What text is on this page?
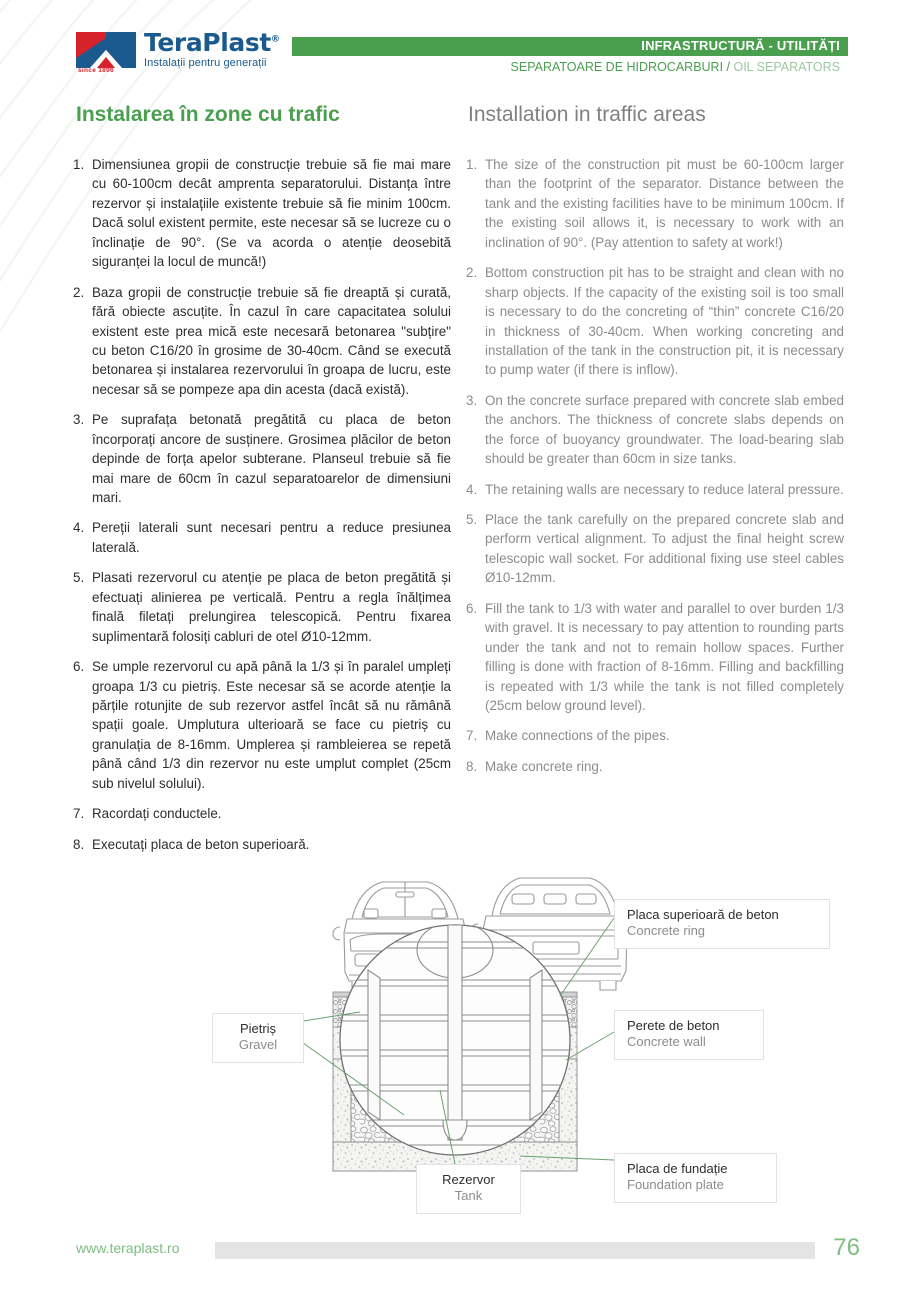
since 1896
TeraPlast®
Instalații pentru generații
INFRASTRUCTURĂ - UTILITĂȚI
SEPARATOARE DE HIDROCARBURI / OIL SEPARATORS
Instalarea în zone cu trafic	Installation in traffic areas
Dimensiunea gropii de construcție trebuie să fie mai mare cu 60-100cm decât amprenta separatorului. Distanța între rezervor și instalațiile existente trebuie să fie minim 100cm. Dacă solul existent permite, este necesar să se lucreze cu o înclinație de 90°. (Se va acorda o atenție deosebită siguranței la locul de muncă!)
Baza gropii de construcție trebuie să fie dreaptă și curată, fără obiecte ascuțite. În cazul în care capacitatea solului existent este prea mică este necesară betonarea "subțire" cu beton C16/20 în grosime de 30-40cm. Când se execută betonarea și instalarea rezervorului în groapa de lucru, este necesar să se pompeze apa din acesta (dacă există).
Pe suprafața betonată pregătită cu placa de beton încorporați ancore de susținere. Grosimea plăcilor de beton depinde de forța apelor subterane. Planseul trebuie să fie mai mare de 60cm în cazul separatoarelor de dimensiuni mari.
Pereții laterali sunt necesari pentru a reduce presiunea laterală.
Plasati rezervorul cu atenție pe placa de beton pregătită și efectuați alinierea pe verticală. Pentru a regla înălțimea finală filetați prelungirea telescopică. Pentru fixarea suplimentară folosiți cabluri de otel Ø10-12mm.
Se umple rezervorul cu apă până la 1/3 și în paralel umpleți groapa 1/3 cu pietriș. Este necesar să se acorde atenție la părțile rotunjite de sub rezervor astfel încât să nu rămână spații goale. Umplutura ulterioară se face cu pietriș cu granulația de 8-16mm. Umplerea și rambleierea se repetă până când 1/3 din rezervor nu este umplut complet (25cm sub nivelul solului).
Racordați conductele.
Executați placa de beton superioară.
The size of the construction pit must be 60-100cm larger than the footprint of the separator. Distance between the tank and the existing facilities have to be minimum 100cm. If the existing soil allows it, is necessary to work with an inclination of 90°. (Pay attention to safety at work!)
Bottom construction pit has to be straight and clean with no sharp objects. If the capacity of the existing soil is too small is necessary to do the concreting of “thin” concrete C16/20 in thickness of 30-40cm. When working concreting and installation of the tank in the construction pit, it is necessary to pump water (if there is inflow).
On the concrete surface prepared with concrete slab embed the anchors. The thickness of concrete slabs depends on the force of buoyancy groundwater. The load-bearing slab should be greater than 60cm in size tanks.
The retaining walls are necessary to reduce lateral pressure.
Place the tank carefully on the prepared concrete slab and perform vertical alignment. To adjust the final height screw telescopic wall socket. For additional fixing use steel cables Ø10-12mm.
Fill the tank to 1/3 with water and parallel to over burden 1/3 with gravel. It is necessary to pay attention to rounding parts under the tank and not to remain hollow spaces. Further filling is done with fraction of 8-16mm. Filling and backfilling is repeated with 1/3 while the tank is not filled completely (25cm below ground level).
Make connections of the pipes.
Make concrete ring.
Placa superioară de beton
Concrete ring
Pietriș
Gravel
Perete de beton
Concrete wall
Rezervor
Tank
Placa de fundație
Foundation plate
www.teraplast.ro	76
